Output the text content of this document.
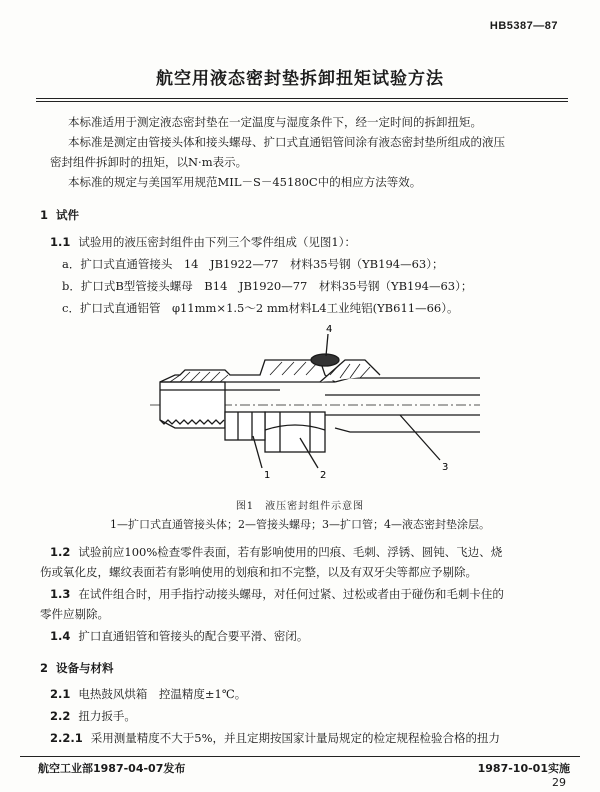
HB5387—87
航空用液态密封垫拆卸扭矩试验方法
本标准适用于测定液态密封垫在一定温度与湿度条件下，经一定时间的拆卸扭矩。
本标准是测定由管接头体和接头螺母、扩口式直通铝管间涂有液态密封垫所组成的液压
密封组件拆卸时的扭矩，以N·m表示。
本标准的规定与美国军用规范MIL－S－45180C中的相应方法等效。
1 试件
1.1 试验用的液压密封组件由下列三个零件组成（见图1）：
a．扩口式直通管接头　14　JB1922—77　材料35号钢（YB194—63）；
b．扩口式B型管接头螺母　B14　JB1920—77　材料35号钢（YB194—63）；
c．扩口式直通铝管　φ11mm×1.5～2 mm材料L4工业纯铝(YB611—66）。
1	2
3
4
图1　液压密封组件示意图
1—扩口式直通管接头体；2—管接头螺母；3—扩口管；4—液态密封垫涂层。
1.2 试验前应100%检查零件表面，若有影响使用的凹痕、毛刺、浮锈、圆钝、飞边、烧
伤或氧化皮，螺纹表面若有影响使用的划痕和扣不完整，以及有双牙尖等都应予剔除。
1.3 在试件组合时，用手指拧动接头螺母，对任何过紧、过松或者由于碰伤和毛刺卡住的
零件应剔除。
1.4 扩口直通铝管和管接头的配合要平滑、密闭。
2 设备与材料
2.1 电热鼓风烘箱　控温精度±1℃。
2.2 扭力扳手。
2.2.1 采用测量精度不大于5%，并且定期按国家计量局规定的检定规程检验合格的扭力
航空工业部1987-04-07发布	1987-10-01实施
29
